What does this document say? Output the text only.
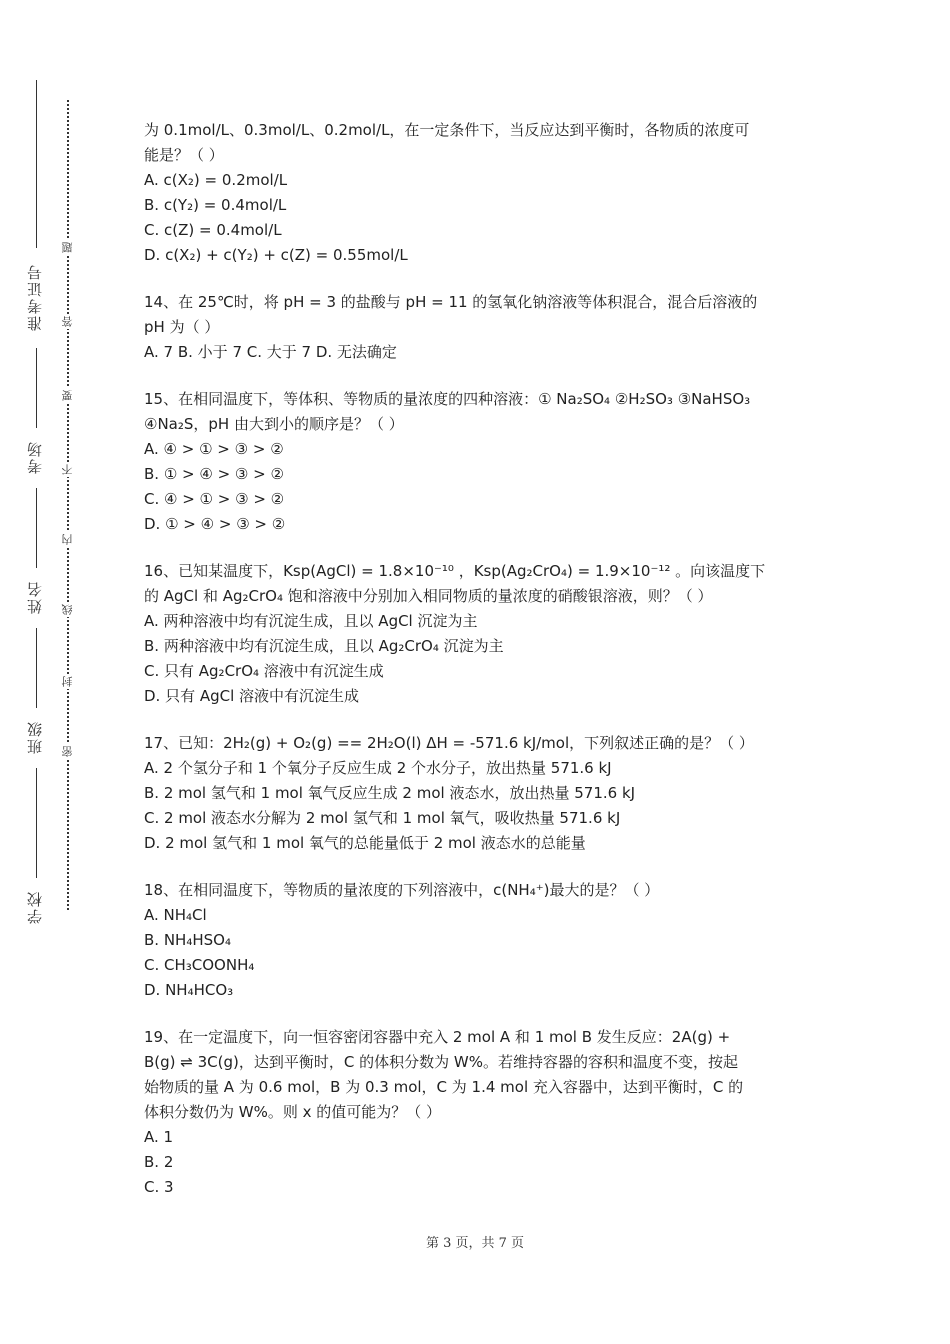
准考证号
考场
姓名
班级
学校
题
答
要
不
内
线
封
密
为 0.1mol/L、0.3mol/L、0.2mol/L，在一定条件下，当反应达到平衡时，各物质的浓度可
能是？（ ）
A. c(X₂) = 0.2mol/L
B. c(Y₂) = 0.4mol/L
C. c(Z) = 0.4mol/L
D. c(X₂) + c(Y₂) + c(Z) = 0.55mol/L
14、在 25℃时，将 pH = 3 的盐酸与 pH = 11 的氢氧化钠溶液等体积混合，混合后溶液的
pH 为（ ）
A. 7 B. 小于 7 C. 大于 7 D. 无法确定
15、在相同温度下，等体积、等物质的量浓度的四种溶液：① Na₂SO₄ ②H₂SO₃ ③NaHSO₃
④Na₂S，pH 由大到小的顺序是？（ ）
A. ④ > ① > ③ > ②
B. ① > ④ > ③ > ②
C. ④ > ① > ③ > ②
D. ① > ④ > ③ > ②
16、已知某温度下，Ksp(AgCl) = 1.8×10⁻¹⁰ ，Ksp(Ag₂CrO₄) = 1.9×10⁻¹² 。向该温度下
的 AgCl 和 Ag₂CrO₄ 饱和溶液中分别加入相同物质的量浓度的硝酸银溶液，则？（ ）
A. 两种溶液中均有沉淀生成，且以 AgCl 沉淀为主
B. 两种溶液中均有沉淀生成，且以 Ag₂CrO₄ 沉淀为主
C. 只有 Ag₂CrO₄ 溶液中有沉淀生成
D. 只有 AgCl 溶液中有沉淀生成
17、已知：2H₂(g) + O₂(g) == 2H₂O(l) ΔH = -571.6 kJ/mol，下列叙述正确的是？（ ）
A. 2 个氢分子和 1 个氧分子反应生成 2 个水分子，放出热量 571.6 kJ
B. 2 mol 氢气和 1 mol 氧气反应生成 2 mol 液态水，放出热量 571.6 kJ
C. 2 mol 液态水分解为 2 mol 氢气和 1 mol 氧气，吸收热量 571.6 kJ
D. 2 mol 氢气和 1 mol 氧气的总能量低于 2 mol 液态水的总能量
18、在相同温度下，等物质的量浓度的下列溶液中，c(NH₄⁺)最大的是？（ ）
A. NH₄Cl
B. NH₄HSO₄
C. CH₃COONH₄
D. NH₄HCO₃
19、在一定温度下，向一恒容密闭容器中充入 2 mol A 和 1 mol B 发生反应：2A(g) +
B(g) ⇌ 3C(g)，达到平衡时，C 的体积分数为 W%。若维持容器的容积和温度不变，按起
始物质的量 A 为 0.6 mol，B 为 0.3 mol，C 为 1.4 mol 充入容器中，达到平衡时，C 的
体积分数仍为 W%。则 x 的值可能为？（ ）
A. 1
B. 2
C. 3
第 3 页，共 7 页
